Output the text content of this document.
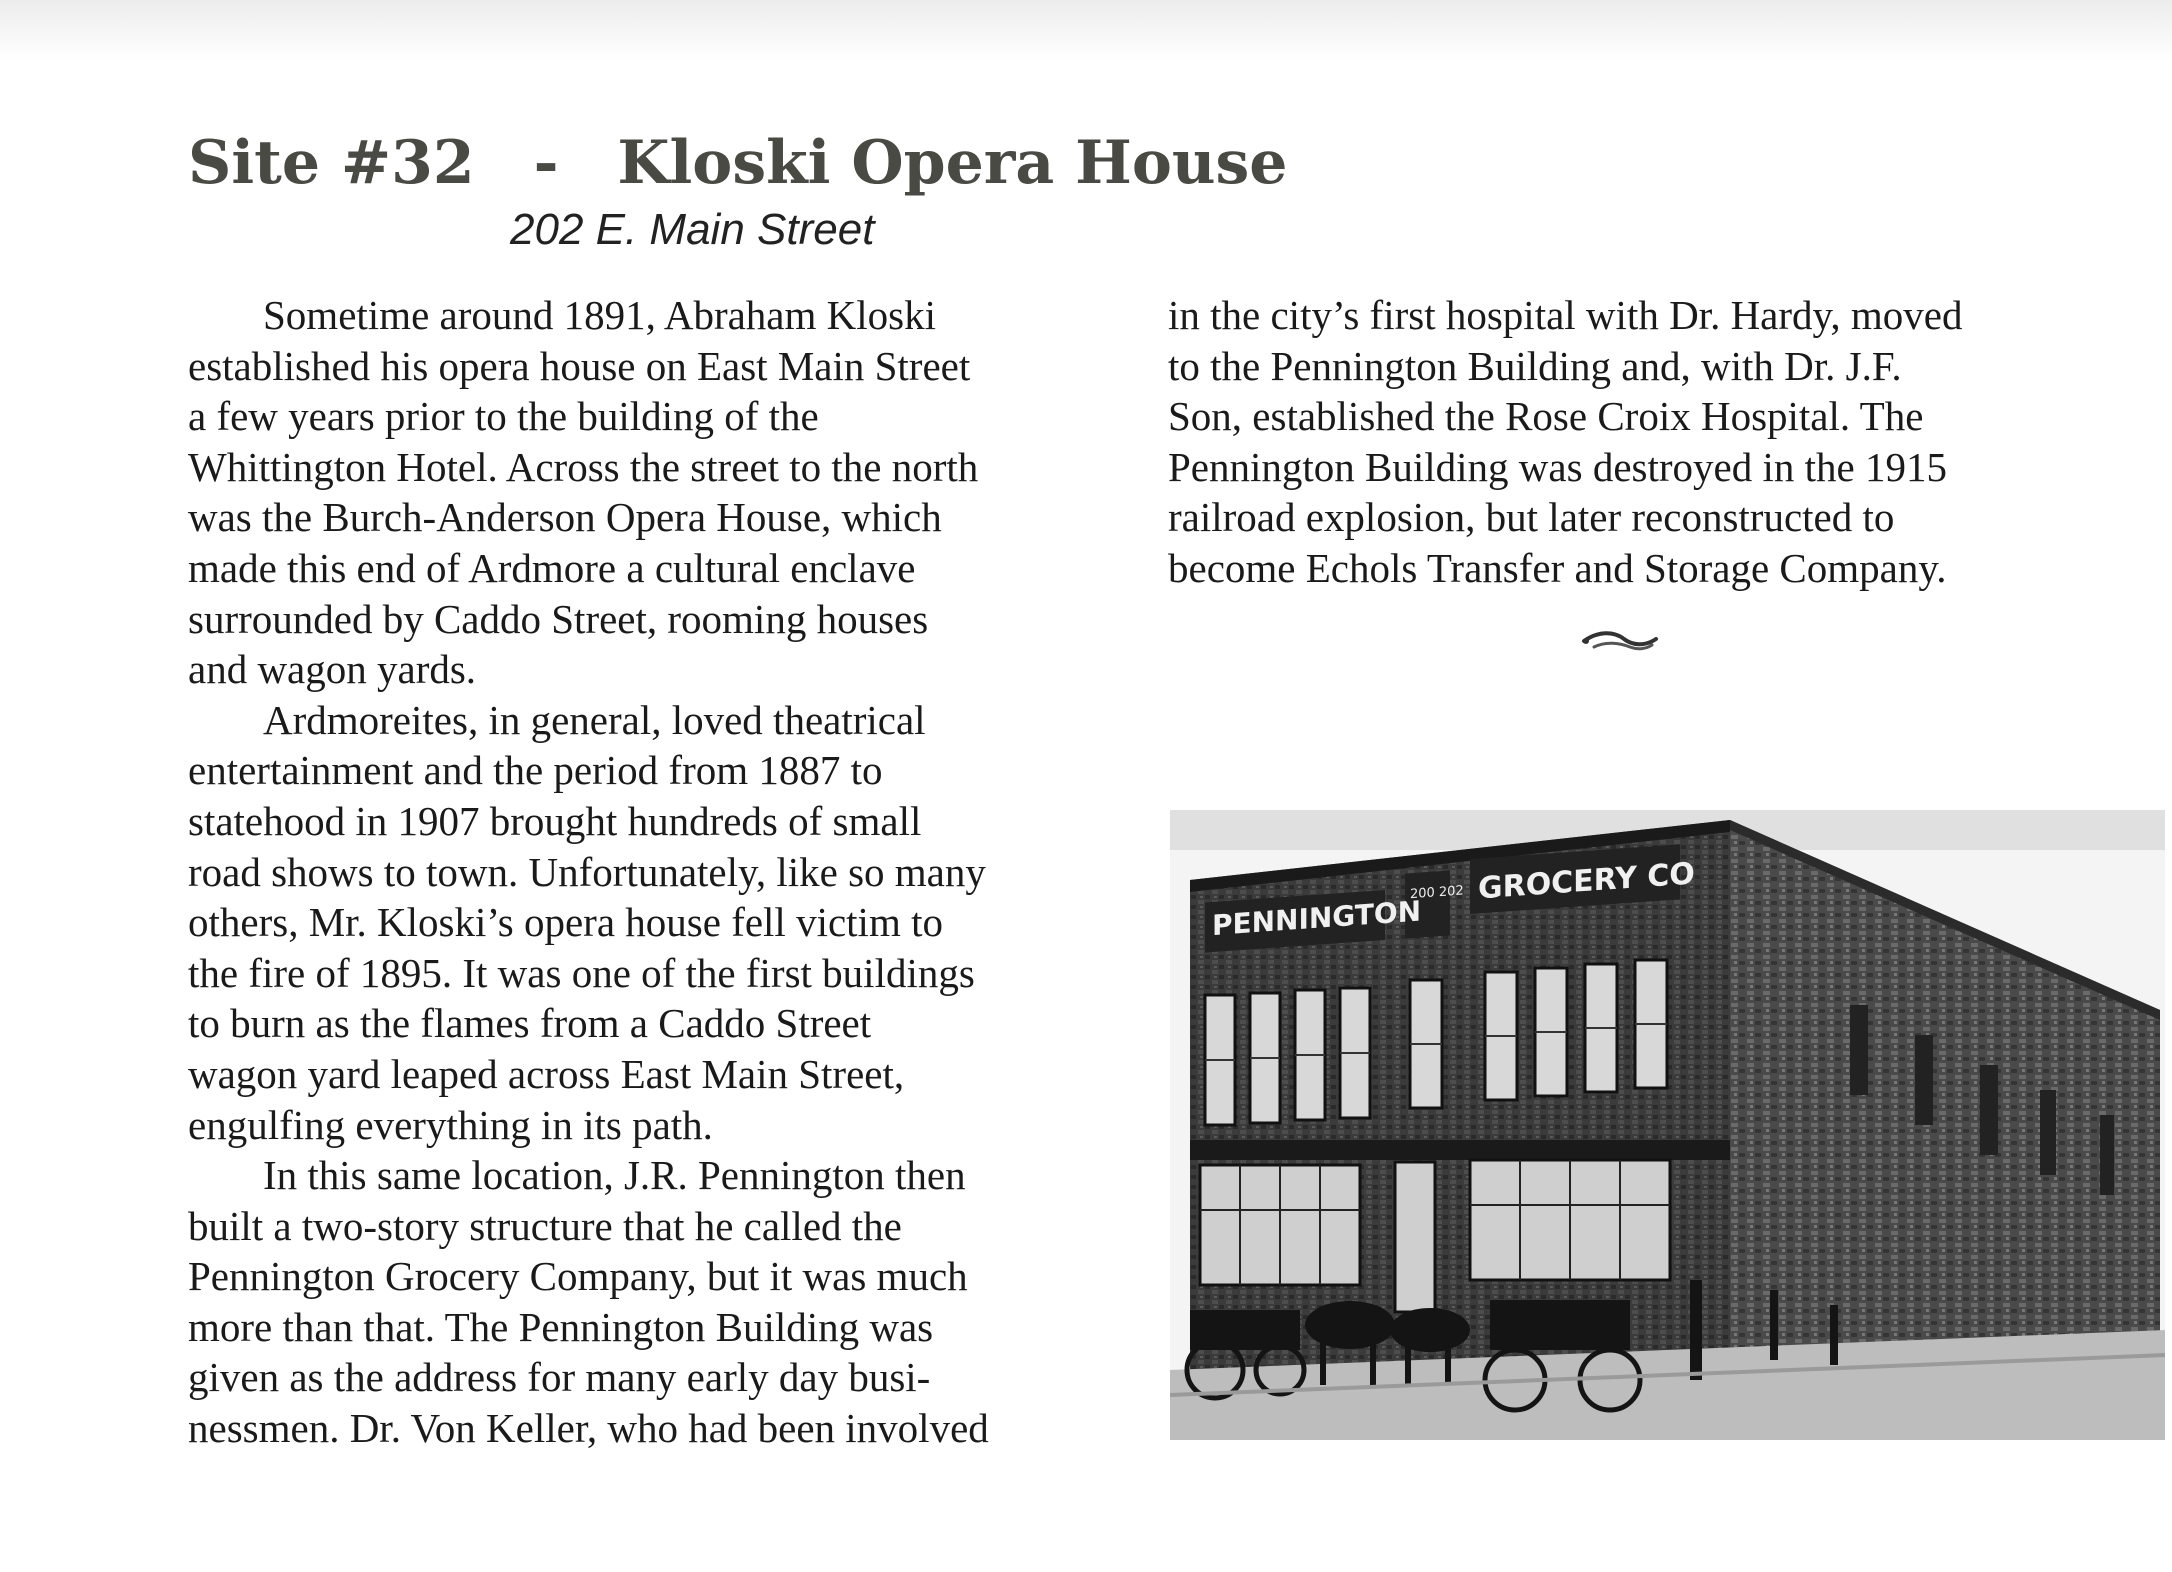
Site #32 - Kloski Opera House
202 E. Main Street
Sometime around 1891, Abraham Kloski
established his opera house on East Main Street
a few years prior to the building of the
Whittington Hotel. Across the street to the north
was the Burch-Anderson Opera House, which
made this end of Ardmore a cultural enclave
surrounded by Caddo Street, rooming houses
and wagon yards.
Ardmoreites, in general, loved theatrical
entertainment and the period from 1887 to
statehood in 1907 brought hundreds of small
road shows to town. Unfortunately, like so many
others, Mr. Kloski’s opera house fell victim to
the fire of 1895. It was one of the first buildings
to burn as the flames from a Caddo Street
wagon yard leaped across East Main Street,
engulfing everything in its path.
In this same location, J.R. Pennington then
built a two-story structure that he called the
Pennington Grocery Company, but it was much
more than that. The Pennington Building was
given as the address for many early day busi-
nessmen. Dr. Von Keller, who had been involved
in the city’s first hospital with Dr. Hardy, moved
to the Pennington Building and, with Dr. J.F.
Son, established the Rose Croix Hospital. The
Pennington Building was destroyed in the 1915
railroad explosion, but later reconstructed to
become Echols Transfer and Storage Company.
PENNINGTON
200 202 GROCERY CO
